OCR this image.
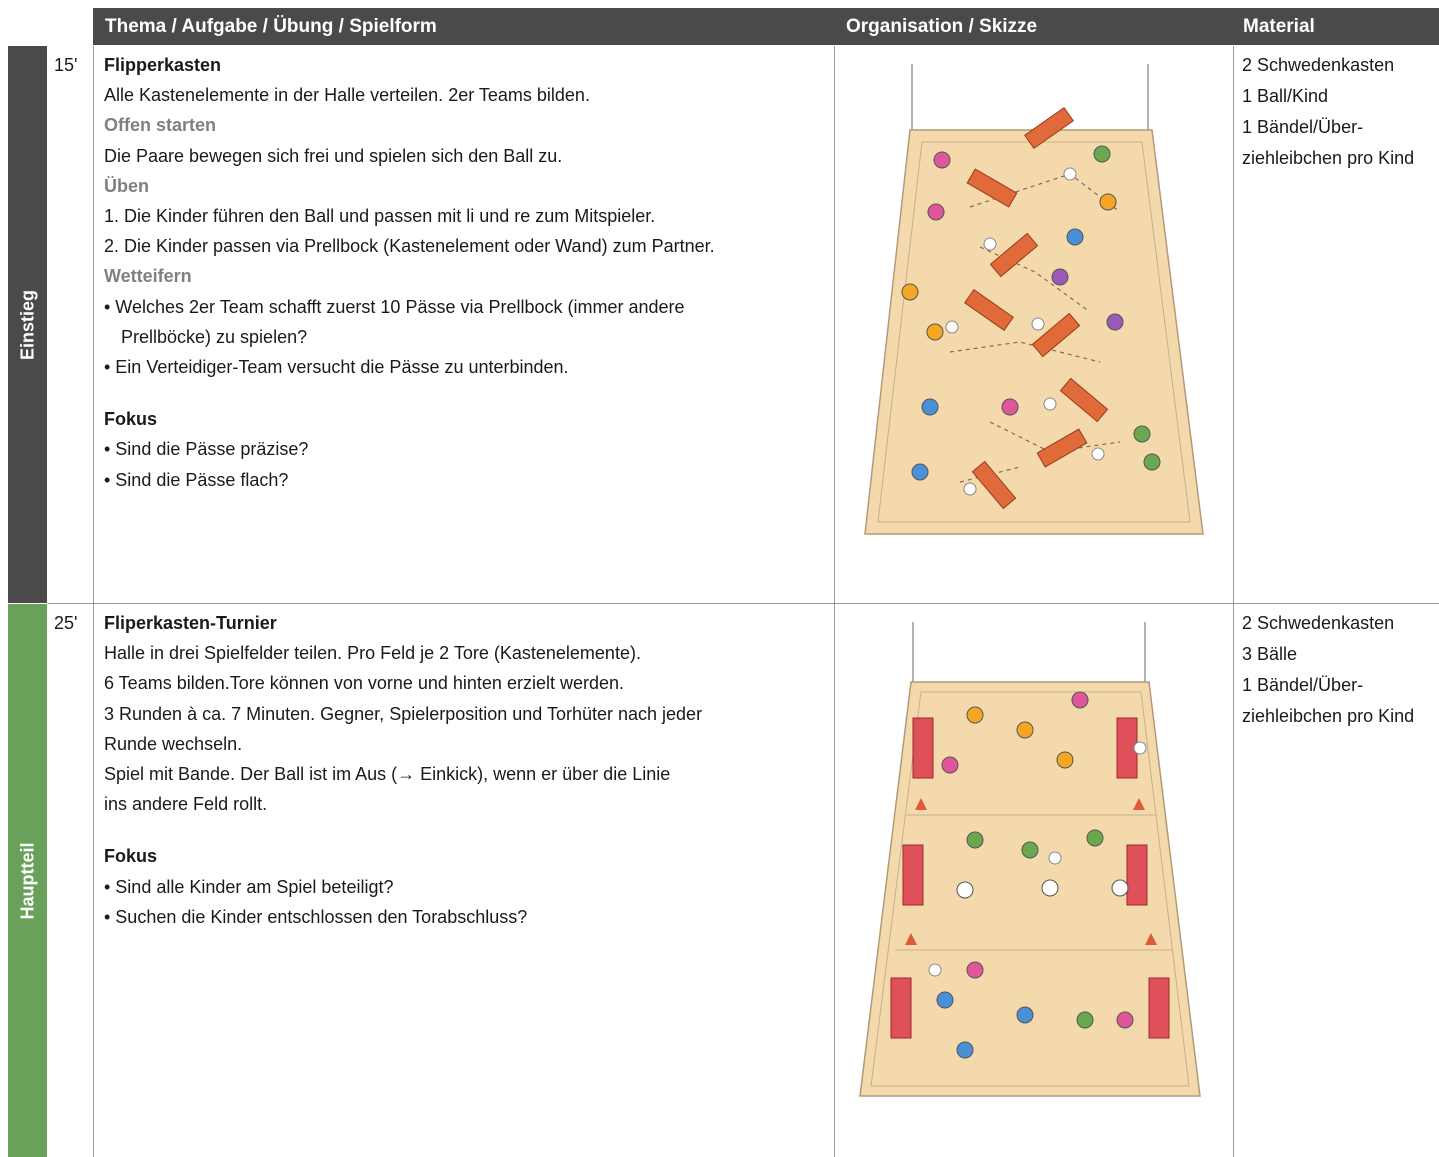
Thema / Aufgabe / Übung / Spielform	Organisation / Skizze	Material
Einstieg
Hauptteil
15' Flipperkasten
Alle Kastenelemente in der Halle verteilen. 2er Teams bilden.
Offen starten
Die Paare bewegen sich frei und spielen sich den Ball zu.
Üben
1. Die Kinder führen den Ball und passen mit li und re zum Mitspieler.
2. Die Kinder passen via Prellbock (Kastenelement oder Wand) zum Partner.
Wetteifern
• Welches 2er Team schafft zuerst 10 Pässe via Prellbock (immer andere
Prellböcke) zu spielen?
• Ein Verteidiger-Team versucht die Pässe zu unterbinden.
Fokus
• Sind die Pässe präzise?
• Sind die Pässe flach?
2 Schwedenkasten
1 Ball/Kind
1 Bändel/Über-
ziehleibchen pro Kind
25' Fliperkasten-Turnier
Halle in drei Spielfelder teilen. Pro Feld je 2 Tore (Kastenelemente).
6 Teams bilden.Tore können von vorne und hinten erzielt werden.
3 Runden à ca. 7 Minuten. Gegner, Spielerposition und Torhüter nach jeder
Runde wechseln.
Spiel mit Bande. Der Ball ist im Aus (→ Einkick), wenn er über die Linie
ins andere Feld rollt.
Fokus
• Sind alle Kinder am Spiel beteiligt?
• Suchen die Kinder entschlossen den Torabschluss?
2 Schwedenkasten
3 Bälle
1 Bändel/Über-
ziehleibchen pro Kind
